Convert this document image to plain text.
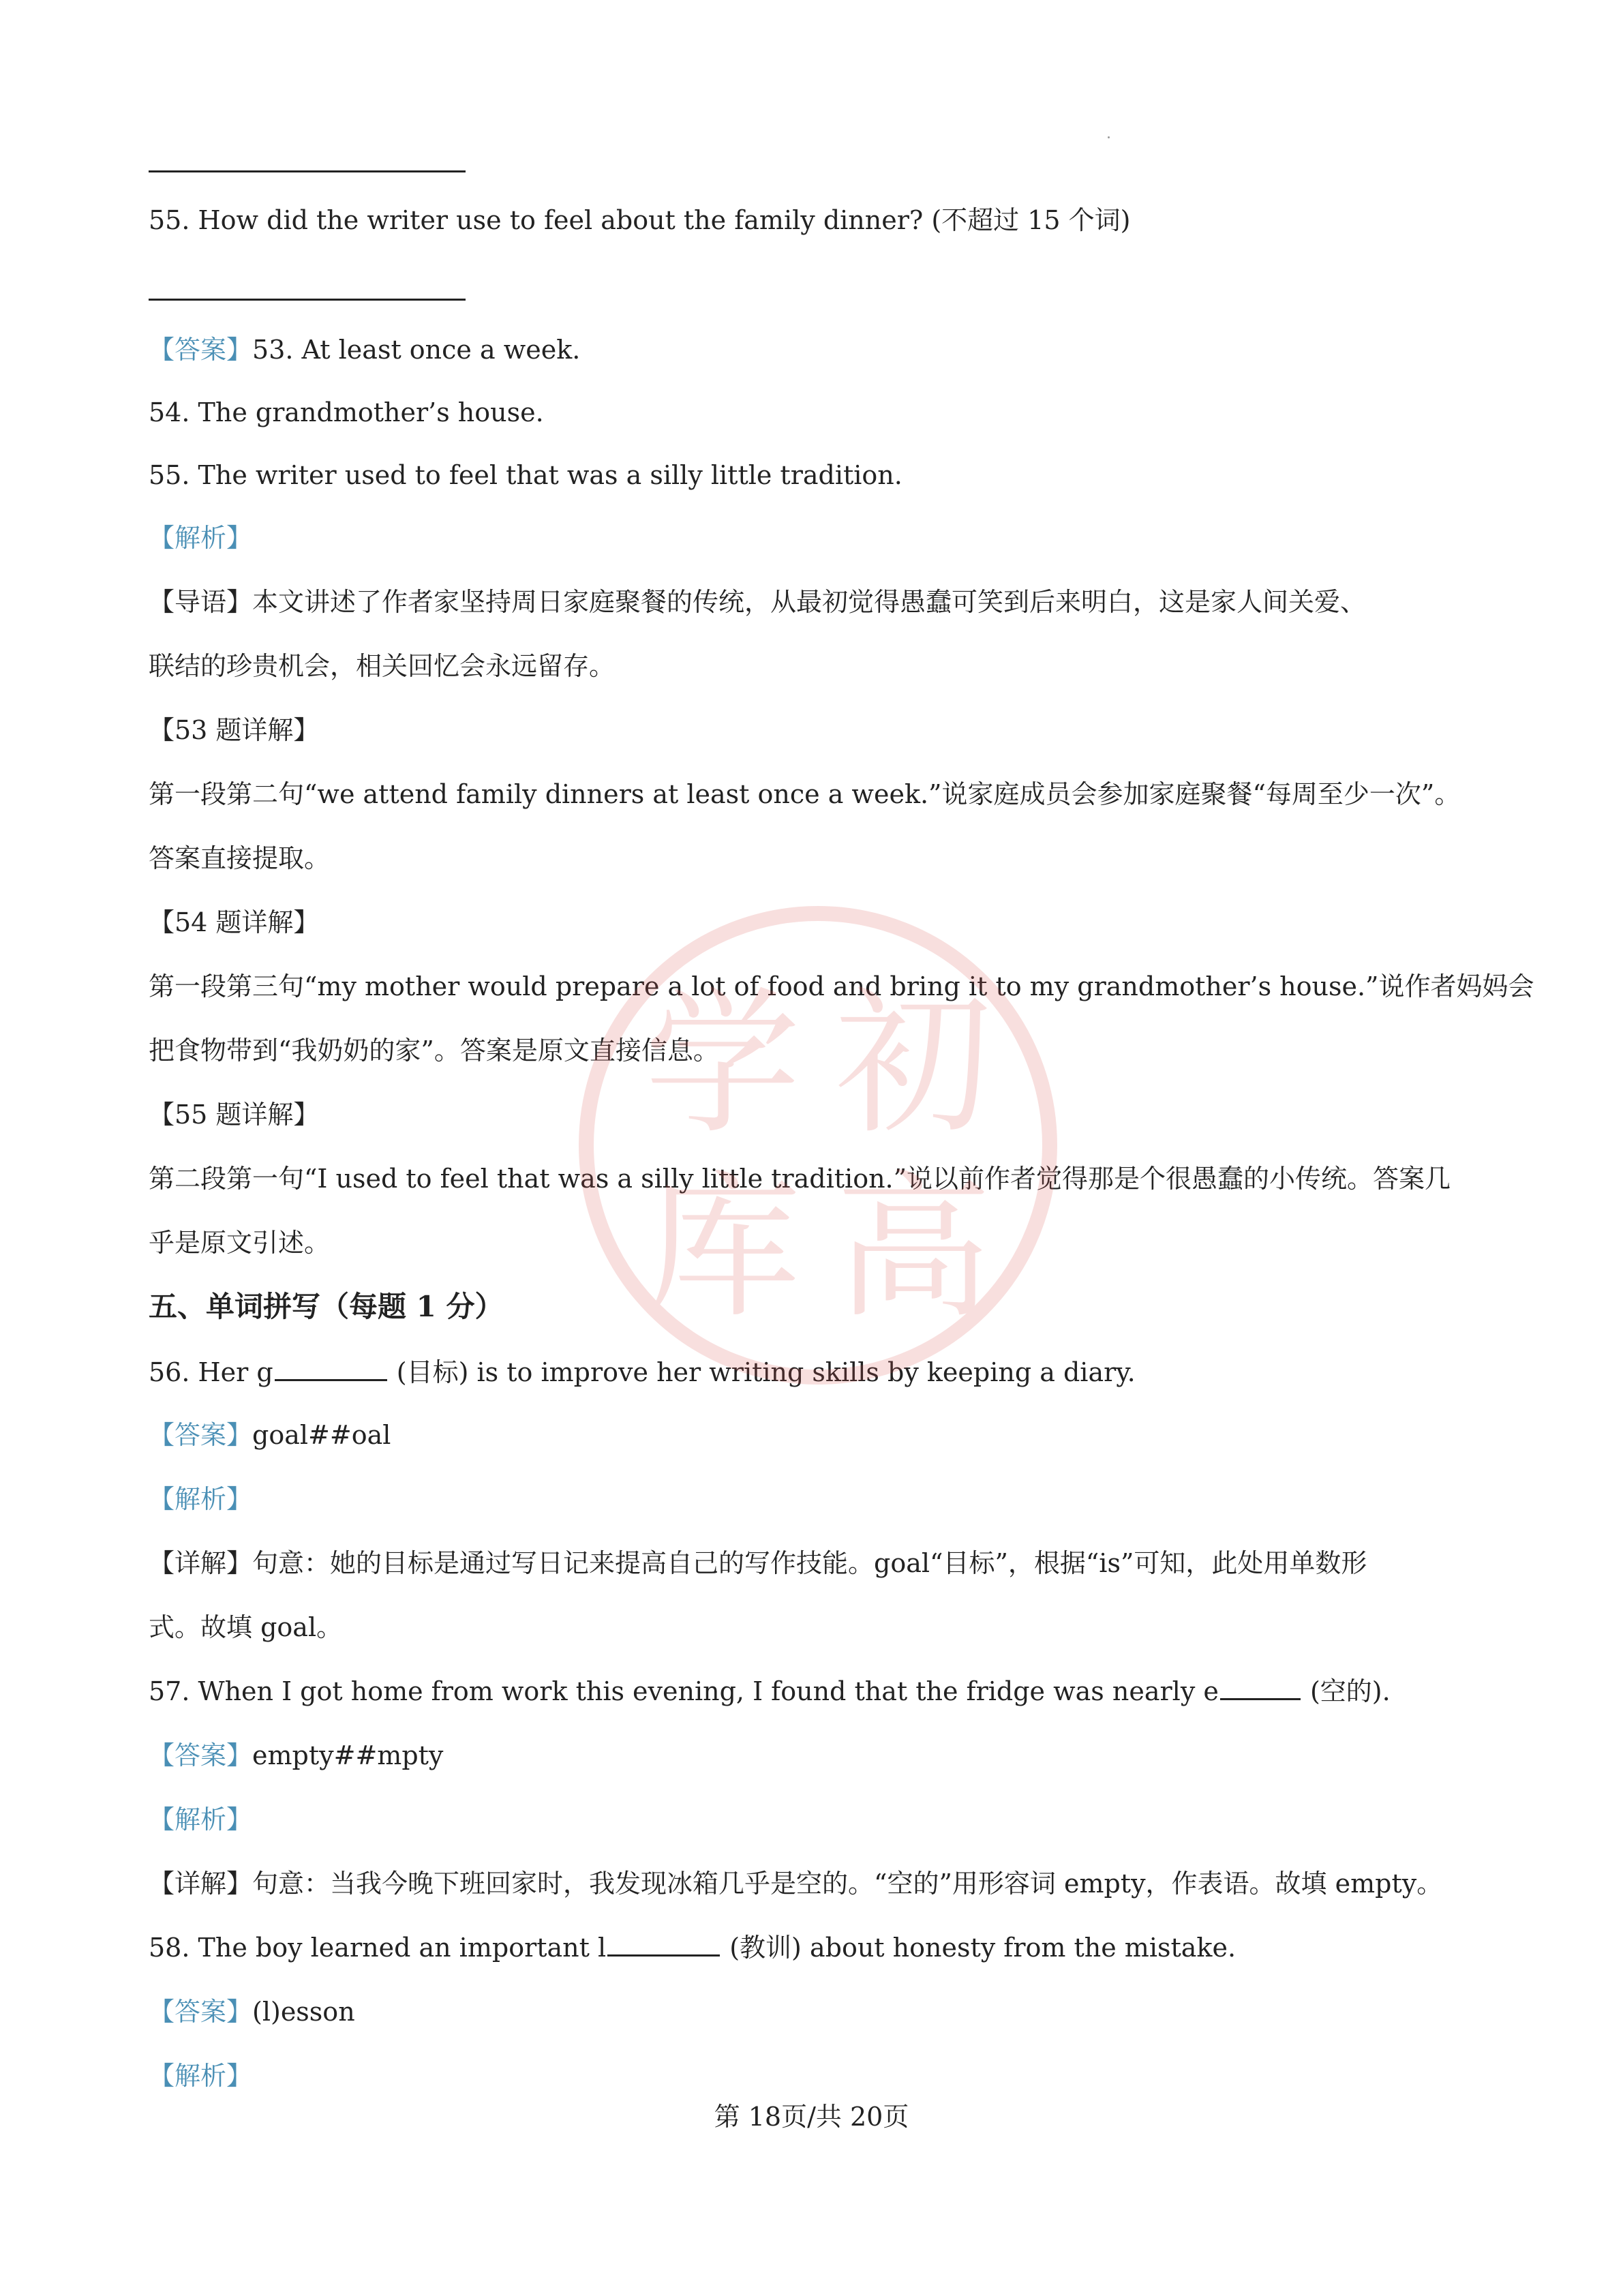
55. How did the writer use to feel about the family dinner? (不超过 15 个词)
【答案】53. At least once a week.
54. The grandmother’s house.
55. The writer used to feel that was a silly little tradition.
【解析】
【导语】本文讲述了作者家坚持周日家庭聚餐的传统，从最初觉得愚蠢可笑到后来明白，这是家人间关爱、
联结的珍贵机会，相关回忆会永远留存。
【53 题详解】
第一段第二句“we attend family dinners at least once a week.”说家庭成员会参加家庭聚餐“每周至少一次”。
答案直接提取。
【54 题详解】
第一段第三句“my mother would prepare a lot of food and bring it to my grandmother’s house.”说作者妈妈会
把食物带到“我奶奶的家”。答案是原文直接信息。
【55 题详解】
第二段第一句“I used to feel that was a silly little tradition.”说以前作者觉得那是个很愚蠢的小传统。答案几
乎是原文引述。
五、单词拼写（每题 1 分）
56. Her g	(目标) is to improve her writing skills by keeping a diary.
【答案】goal##oal
【解析】
【详解】句意：她的目标是通过写日记来提高自己的写作技能。goal“目标”，根据“is”可知，此处用单数形
式。故填 goal。
57. When I got home from work this evening, I found that the fridge was nearly e	(空的).
【答案】empty##mpty
【解析】
【详解】句意：当我今晚下班回家时，我发现冰箱几乎是空的。“空的”用形容词 empty，作表语。故填 empty。
58. The boy learned an important l	(教训) about honesty from the mistake.
【答案】(l)esson
【解析】
第 18页/共 20页
学 初
库 高
